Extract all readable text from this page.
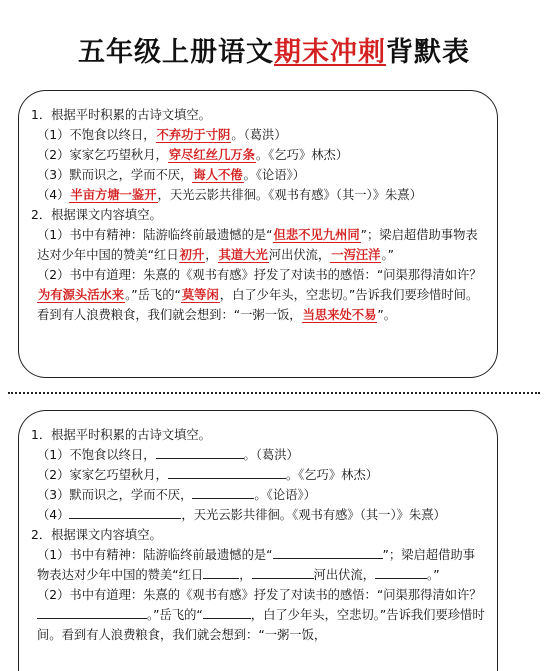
五年级上册语文期末冲刺背默表
1．根据平时积累的古诗文填空。
（1）不饱食以终日，不弃功于寸阴。（葛洪）
（2）家家乞巧望秋月，穿尽红丝几万条。《乞巧》林杰）
（3）默而识之，学而不厌，诲人不倦。《论语》）
（4）半亩方塘一鉴开，天光云影共徘徊。《观书有感》（其一）》朱熹）
2．根据课文内容填空。
（1）书中有精神：陆游临终前最遗憾的是“但悲不见九州同”；梁启超借助事物表达对少年中国的赞美“红日初升，其道大光河出伏流，一泻汪洋。”
（2）书中有道理：朱熹的《观书有感》抒发了对读书的感悟：“问渠那得清如许？为有源头活水来。”岳飞的“莫等闲，白了少年头，空悲切。”告诉我们要珍惜时间。看到有人浪费粮食，我们就会想到：“一粥一饭，当思来处不易”。
1．根据平时积累的古诗文填空。
（1）不饱食以终日，	。（葛洪）
（2）家家乞巧望秋月，	。《乞巧》林杰）
（3）默而识之，学而不厌，	。《论语》）
（4）	，天光云影共徘徊。《观书有感》（其一）》朱熹）
2．根据课文内容填空。
（1）书中有精神：陆游临终前最遗憾的是“	”；梁启超借助事物表达对少年中国的赞美“红日	，	河出伏流，	。”
（2）书中有道理：朱熹的《观书有感》抒发了对读书的感悟：“问渠那得清如许？。”岳飞的“	，白了少年头，空悲切。”告诉我们要珍惜时间。看到有人浪费粮食，我们就会想到：“一粥一饭，
